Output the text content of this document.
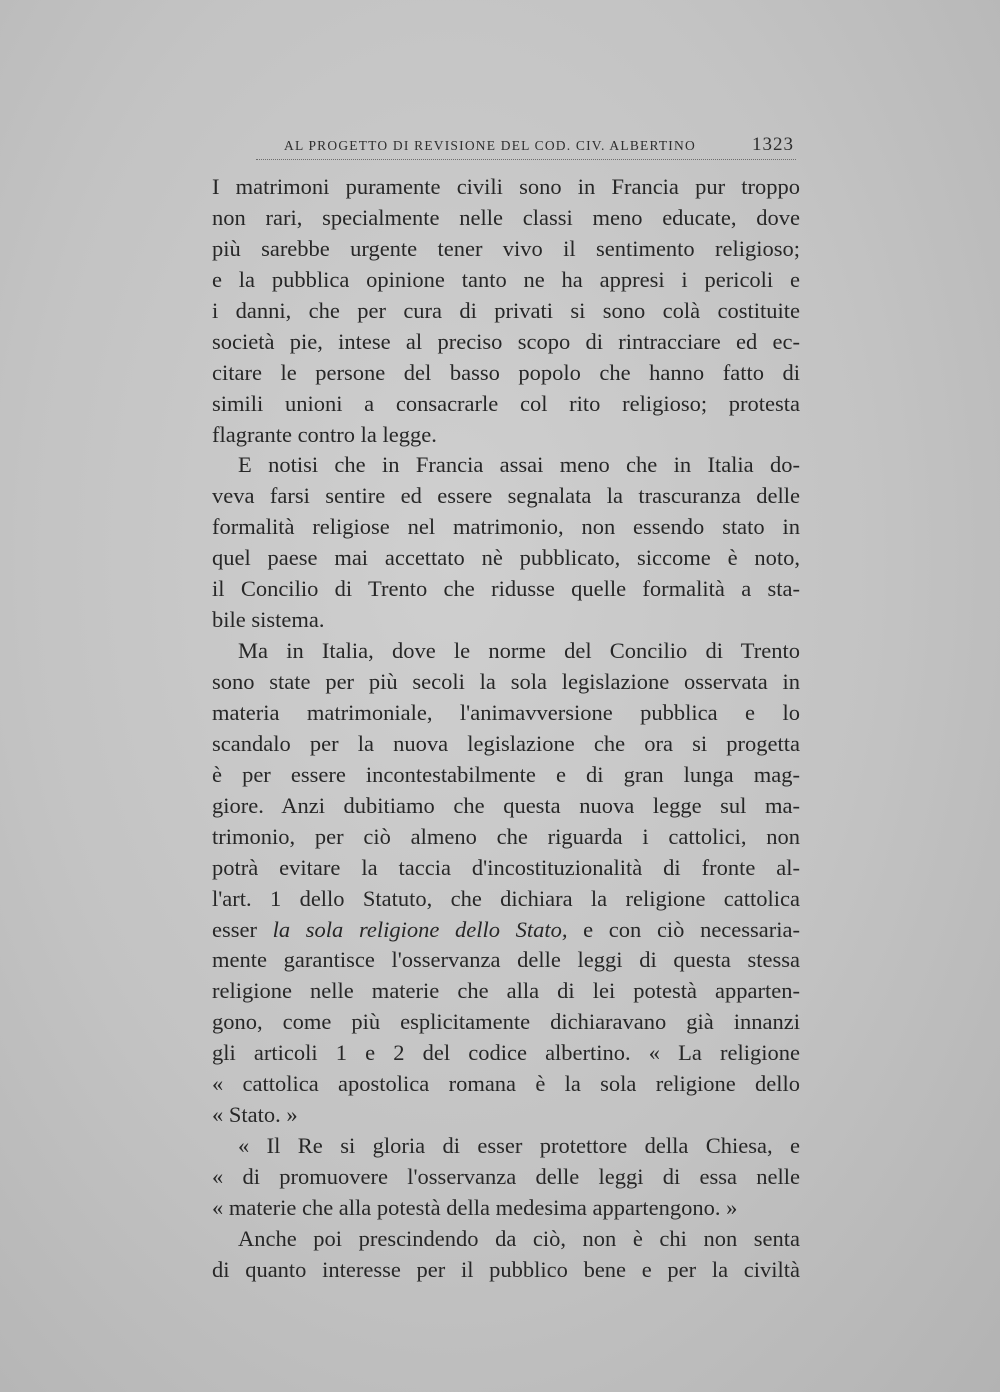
AL PROGETTO DI REVISIONE DEL COD. CIV. ALBERTINO	1323
I matrimoni puramente civili sono in Francia pur troppo
non rari, specialmente nelle classi meno educate, dove
più sarebbe urgente tener vivo il sentimento religioso;
e la pubblica opinione tanto ne ha appresi i pericoli e
i danni, che per cura di privati si sono colà costituite
società pie, intese al preciso scopo di rintracciare ed ec-
citare le persone del basso popolo che hanno fatto di
simili unioni a consacrarle col rito religioso; protesta
flagrante contro la legge.
E notisi che in Francia assai meno che in Italia do-
veva farsi sentire ed essere segnalata la trascuranza delle
formalità religiose nel matrimonio, non essendo stato in
quel paese mai accettato nè pubblicato, siccome è noto,
il Concilio di Trento che ridusse quelle formalità a sta-
bile sistema.
Ma in Italia, dove le norme del Concilio di Trento
sono state per più secoli la sola legislazione osservata in
materia matrimoniale, l'animavversione pubblica e lo
scandalo per la nuova legislazione che ora si progetta
è per essere incontestabilmente e di gran lunga mag-
giore. Anzi dubitiamo che questa nuova legge sul ma-
trimonio, per ciò almeno che riguarda i cattolici, non
potrà evitare la taccia d'incostituzionalità di fronte al-
l'art. 1 dello Statuto, che dichiara la religione cattolica
esser la sola religione dello Stato, e con ciò necessaria-
mente garantisce l'osservanza delle leggi di questa stessa
religione nelle materie che alla di lei potestà apparten-
gono, come più esplicitamente dichiaravano già innanzi
gli articoli 1 e 2 del codice albertino. « La religione
« cattolica apostolica romana è la sola religione dello
« Stato. »
« Il Re si gloria di esser protettore della Chiesa, e
« di promuovere l'osservanza delle leggi di essa nelle
« materie che alla potestà della medesima appartengono. »
Anche poi prescindendo da ciò, non è chi non senta
di quanto interesse per il pubblico bene e per la civiltà
